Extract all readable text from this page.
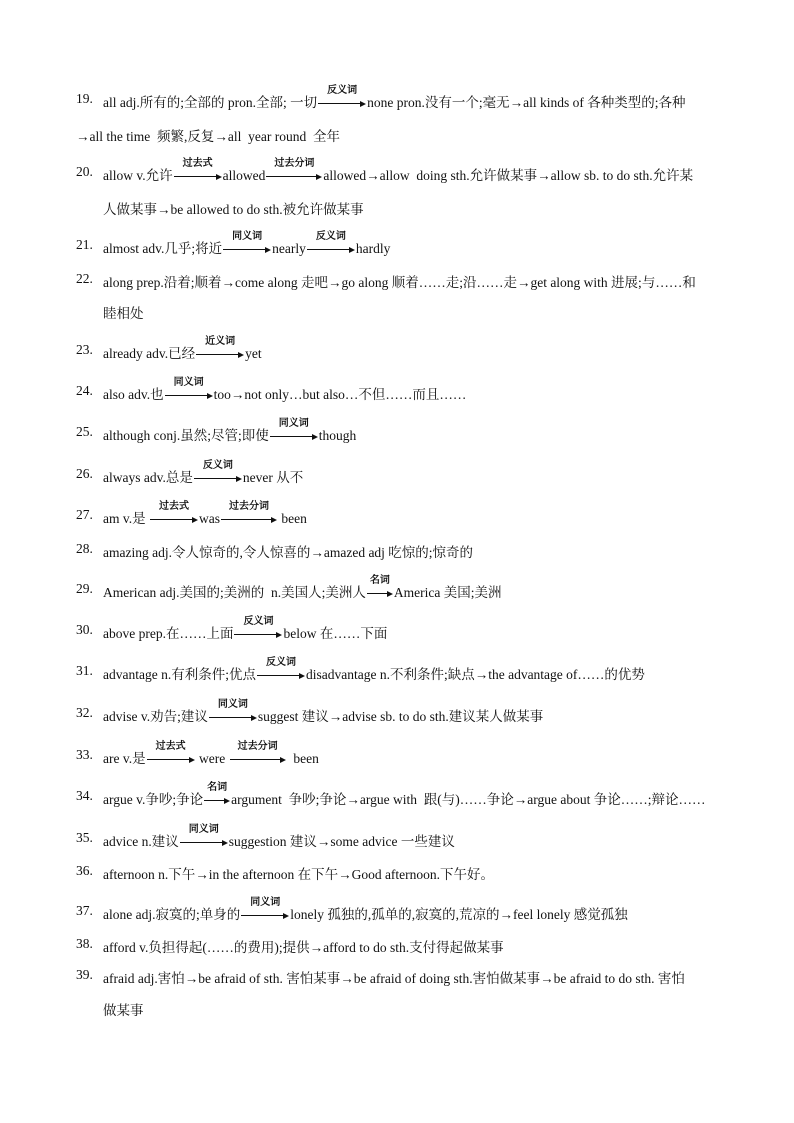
19. all adj.所有的;全部的 pron.全部; 一切
反义词
none pron.没有一个;毫无→all kinds of 各种类型的;各种
→all the time  频繁,反复→all  year round  全年
20. allow v.允许
过去式
allowed
过去分词
allowed→allow  doing sth.允许做某事→allow sb. to do sth.允许某
人做某事→be allowed to do sth.被允许做某事
21. almost adv.几乎;将近
同义词
nearly
反义词
hardly
22. along prep.沿着;顺着→come along 走吧→go along 顺着……走;沿……走→get along with 进展;与……和
睦相处
23. already adv.已经
近义词
yet
24. also adv.也
同义词
too→not only…but also…不但……而且……
25. although conj.虽然;尽管;即使
同义词
though
26. always adv.总是
反义词
never 从不
27. am v.是
过去式
was
过去分词
been
28. amazing adj.令人惊奇的,令人惊喜的→amazed adj 吃惊的;惊奇的
29. American adj.美国的;美洲的  n.美国人;美洲人
名词
America 美国;美洲
30. above prep.在……上面
反义词
below 在……下面
31. advantage n.有利条件;优点
反义词
disadvantage n.不利条件;缺点→the advantage of……的优势
32. advise v.劝告;建议
同义词
suggest 建议→advise sb. to do sth.建议某人做某事
33. are v.是
过去式
were
过去分词
been
34. argue v.争吵;争论
名词
argument  争吵;争论→argue with  跟(与)……争论→argue about 争论……;辩论……
35. advice n.建议
同义词
suggestion 建议→some advice 一些建议
36. afternoon n.下午→in the afternoon 在下午→Good afternoon.下午好。
37. alone adj.寂寞的;单身的
同义词
lonely 孤独的,孤单的,寂寞的,荒凉的→feel lonely 感觉孤独
38. afford v.负担得起(……的费用);提供→afford to do sth.支付得起做某事
39. afraid adj.害怕→be afraid of sth. 害怕某事→be afraid of doing sth.害怕做某事→be afraid to do sth. 害怕
做某事
